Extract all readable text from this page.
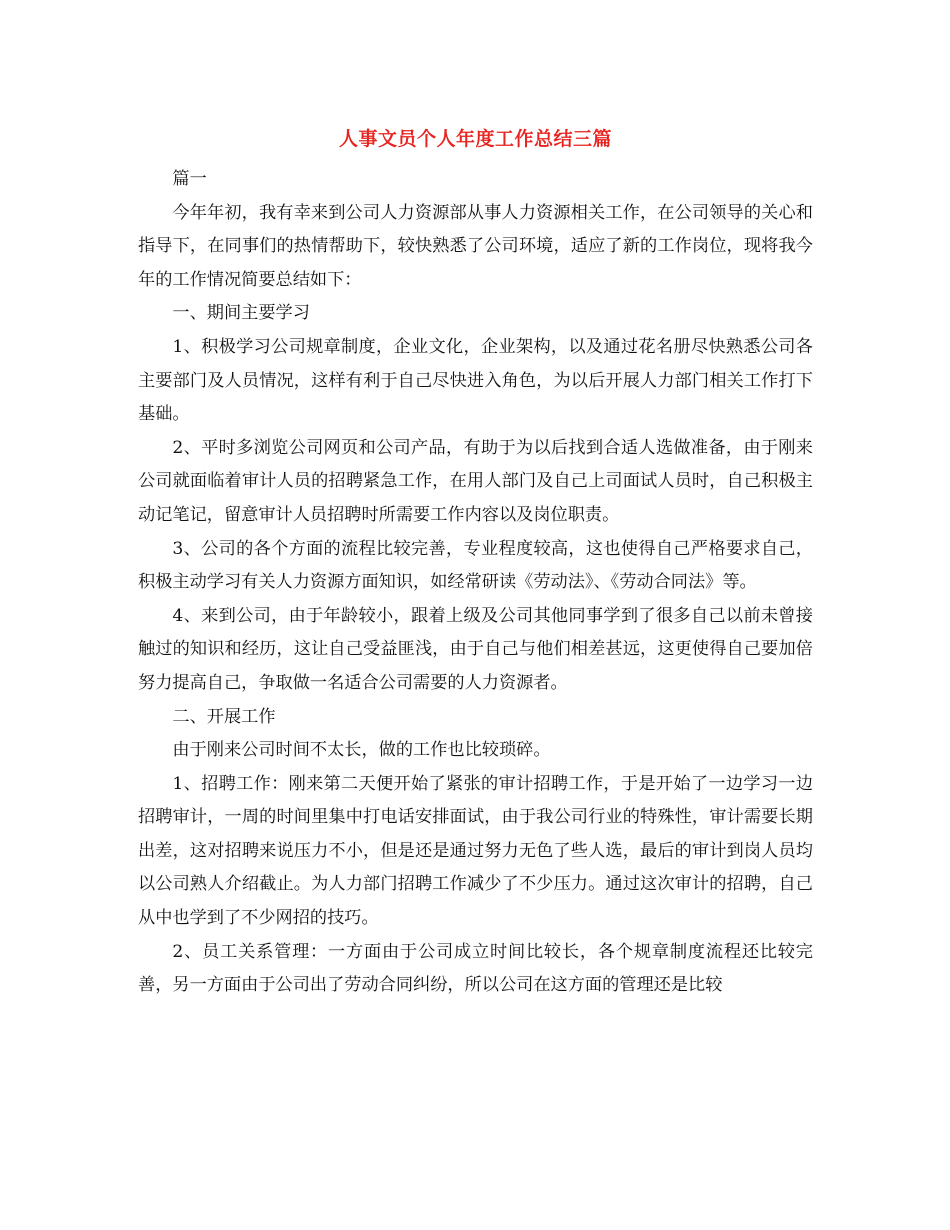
人事文员个人年度工作总结三篇

篇一

今年年初，我有幸来到公司人力资源部从事人力资源相关工作，在公司领导的关心和指导下，在同事们的热情帮助下，较快熟悉了公司环境，适应了新的工作岗位，现将我今年的工作情况简要总结如下：

一、期间主要学习

1、积极学习公司规章制度，企业文化，企业架构，以及通过花名册尽快熟悉公司各主要部门及人员情况，这样有利于自己尽快进入角色，为以后开展人力部门相关工作打下基础。

2、平时多浏览公司网页和公司产品，有助于为以后找到合适人选做准备，由于刚来公司就面临着审计人员的招聘紧急工作，在用人部门及自己上司面试人员时，自己积极主动记笔记，留意审计人员招聘时所需要工作内容以及岗位职责。

3、公司的各个方面的流程比较完善，专业程度较高，这也使得自己严格要求自己，积极主动学习有关人力资源方面知识，如经常研读《劳动法》、《劳动合同法》等。

4、来到公司，由于年龄较小，跟着上级及公司其他同事学到了很多自己以前未曾接触过的知识和经历，这让自己受益匪浅，由于自己与他们相差甚远，这更使得自己要加倍努力提高自己，争取做一名适合公司需要的人力资源者。

二、开展工作

由于刚来公司时间不太长，做的工作也比较琐碎。

1、招聘工作：刚来第二天便开始了紧张的审计招聘工作，于是开始了一边学习一边招聘审计，一周的时间里集中打电话安排面试，由于我公司行业的特殊性，审计需要长期出差，这对招聘来说压力不小，但是还是通过努力无色了些人选，最后的审计到岗人员均以公司熟人介绍截止。为人力部门招聘工作减少了不少压力。通过这次审计的招聘，自己从中也学到了不少网招的技巧。

2、员工关系管理：一方面由于公司成立时间比较长，各个规章制度流程还比较完善，另一方面由于公司出了劳动合同纠纷，所以公司在这方面的管理还是比较
